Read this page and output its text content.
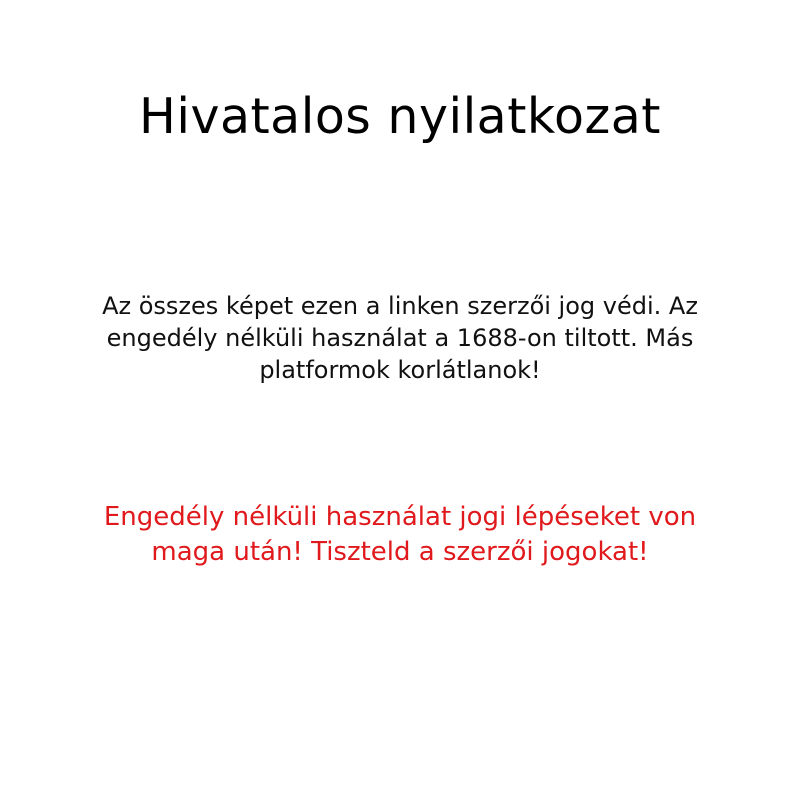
Hivatalos nyilatkozat
Az összes képet ezen a linken szerzői jog védi. Az
engedély nélküli használat a 1688-on tiltott. Más
platformok korlátlanok!
Engedély nélküli használat jogi lépéseket von
maga után! Tiszteld a szerzői jogokat!
